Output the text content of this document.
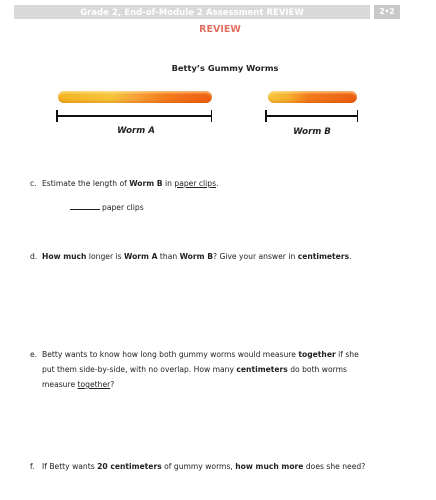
Grade 2, End-of-Module 2 Assessment REVIEW	2•2
REVIEW
Betty’s Gummy Worms
Worm A	Worm B
c. Estimate the length of Worm B in paper clips.
paper clips
d. How much longer is Worm A than Worm B? Give your answer in centimeters.
e. Betty wants to know how long both gummy worms would measure together if she
put them side-by-side, with no overlap. How many centimeters do both worms
measure together?
f. If Betty wants 20 centimeters of gummy worms, how much more does she need?
